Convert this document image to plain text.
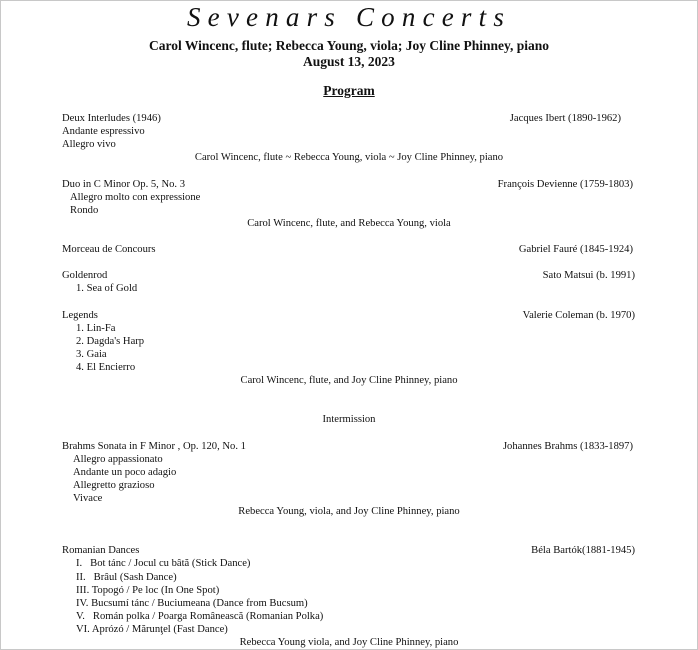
Sevenars Concerts
Carol Wincenc, flute; Rebecca Young, viola; Joy Cline Phinney, piano
August 13, 2023
Program
Deux Interludes (1946)	Jacques Ibert (1890-1962)
Andante espressivo
Allegro vivo
Carol Wincenc, flute ~ Rebecca Young, viola ~ Joy Cline Phinney, piano
Duo in C Minor Op. 5, No. 3	François Devienne (1759-1803)
Allegro molto con expressione
Rondo
Carol Wincenc, flute, and Rebecca Young, viola
Morceau de Concours	Gabriel Fauré (1845-1924)
Goldenrod	Sato Matsui (b. 1991)
1. Sea of Gold
Legends	Valerie Coleman (b. 1970)
1. Lin-Fa
2. Dagda's Harp
3. Gaia
4. El Encierro
Carol Wincenc, flute, and Joy Cline Phinney, piano
Intermission
Brahms Sonata in F Minor , Op. 120, No. 1	Johannes Brahms (1833-1897)
Allegro appassionato
Andante un poco adagio
Allegretto grazioso
Vivace
Rebecca Young, viola, and Joy Cline Phinney, piano
Romanian Dances	Béla Bartók(1881-1945)
I.   Bot tánc / Jocul cu bâtă (Stick Dance)
II.   Brâul (Sash Dance)
III. Topogó / Pe loc (In One Spot)
IV. Bucsumí tánc / Buciumeana (Dance from Bucsum)
V.   Román polka / Poarga Românească (Romanian Polka)
VI. Aprózó / Mărunţel (Fast Dance)
Rebecca Young viola, and Joy Cline Phinney, piano
